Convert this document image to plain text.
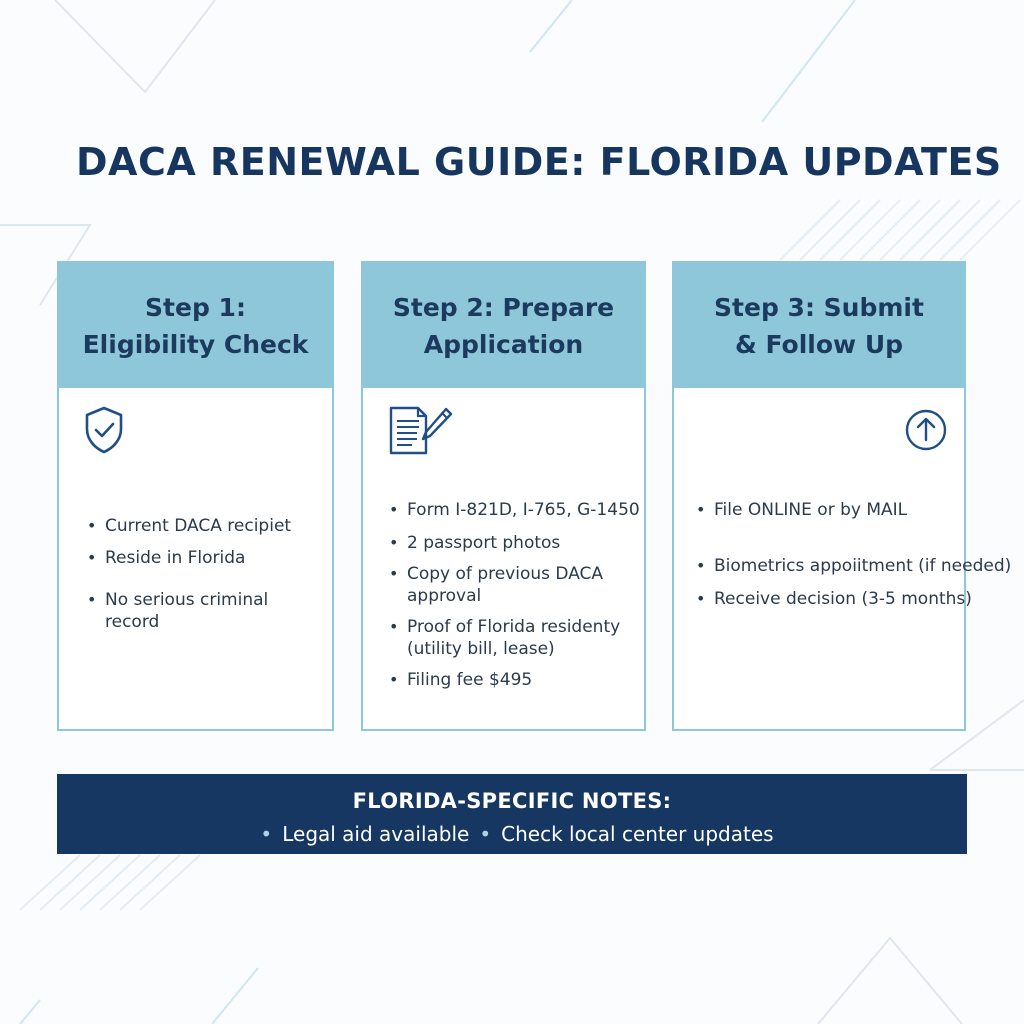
DACA RENEWAL GUIDE: FLORIDA UPDATES
Step 1:
Eligibility Check
• Current DACA recipiet
• Reside in Florida
• No serious criminal record
Step 2: Prepare
Application
• Form I-821D, I-765, G-1450
• 2 passport photos
• Copy of previous DACA approval
• Proof of Florida residenty (utility bill, lease)
• Filing fee $495
Step 3: Submit
& Follow Up
• File ONLINE or by MAIL
• Biometrics appoiitment (if needed)
• Receive decision (3-5 months)
FLORIDA-SPECIFIC NOTES:
• Legal aid available • Check local center updates
